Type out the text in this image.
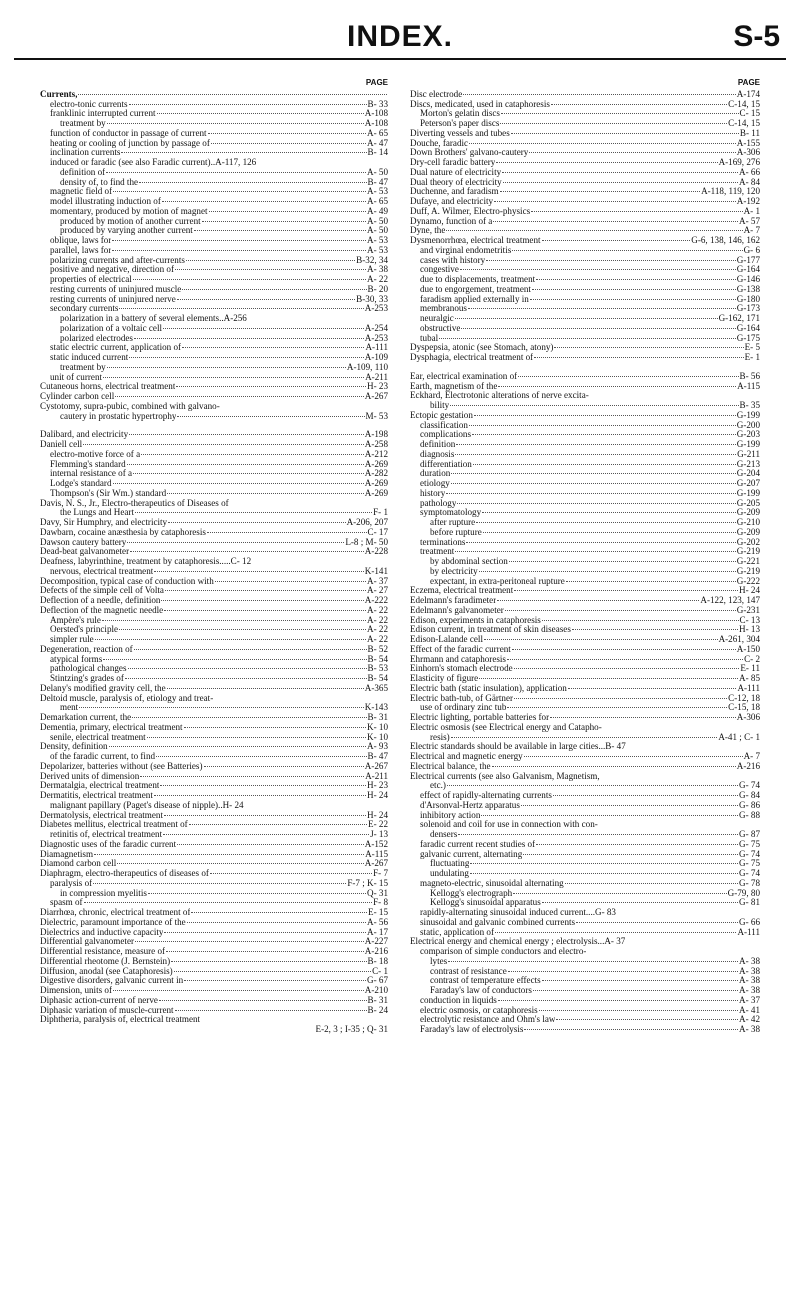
INDEX.	S-5
PAGE
Currents,
electro-tonic currents	B- 33
franklinic interrupted current	A-108
treatment by	A-108
function of conductor in passage of current	A- 65
heating or cooling of junction by passage of	A- 47
inclination currents	B- 14
induced or faradic (see also Faradic current)..A-117, 126
definition of	A- 50
density of, to find the	B- 47
magnetic field of	A- 53
model illustrating induction of	A- 65
momentary, produced by motion of magnet	A- 49
produced by motion of another current	A- 50
produced by varying another current	A- 50
oblique, laws for	A- 53
parallel, laws for	A- 53
polarizing currents and after-currents	B-32, 34
positive and negative, direction of	A- 38
properties of electrical	A- 22
resting currents of uninjured muscle	B- 20
resting currents of uninjured nerve	B-30, 33
secondary currents	A-253
polarization in a battery of several elements..A-256
polarization of a voltaic cell	A-254
polarized electrodes	A-253
static electric current, application of	A-111
static induced current	A-109
treatment by	A-109, 110
unit of current	A-211
Cutaneous horns, electrical treatment	H- 23
Cylinder carbon cell	A-267
Cystotomy, supra-pubic, combined with galvano-
cautery in prostatic hypertrophy	M- 53
Dalibard, and electricity	A-198
Daniell cell	A-258
electro-motive force of a	A-212
Flemming's standard	A-269
internal resistance of a	A-282
Lodge's standard	A-269
Thompson's (Sir Wm.) standard	A-269
Davis, N. S., Jr., Electro-therapeutics of Diseases of
the Lungs and Heart	F- 1
Davy, Sir Humphry, and electricity	A-206, 207
Dawbarn, cocaine anæsthesia by cataphoresis	C- 17
Dawson cautery battery	L-8 ; M- 50
Dead-beat galvanometer	A-228
Deafness, labyrinthine, treatment by cataphoresis.....C- 12
nervous, electrical treatment	K-141
Decomposition, typical case of conduction with	A- 37
Defects of the simple cell of Volta	A- 27
Deflection of a needle, definition	A-222
Deflection of the magnetic needle	A- 22
Ampère's rule	A- 22
Oersted's principle	A- 22
simpler rule	A- 22
Degeneration, reaction of	B- 52
atypical forms	B- 54
pathological changes	B- 53
Stintzing's grades of	B- 54
Delany's modified gravity cell, the	A-365
Deltoid muscle, paralysis of, etiology and treat-
ment	K-143
Demarkation current, the	B- 31
Dementia, primary, electrical treatment	K- 10
senile, electrical treatment	K- 10
Density, definition	A- 93
of the faradic current, to find	B- 47
Depolarizer, batteries without (see Batteries)	A-267
Derived units of dimension	A-211
Dermatalgia, electrical treatment	H- 23
Dermatitis, electrical treatment	H- 24
malignant papillary (Paget's disease of nipple)..H- 24
Dermatolysis, electrical treatment	H- 24
Diabetes mellitus, electrical treatment of	E- 22
retinitis of, electrical treatment	J- 13
Diagnostic uses of the faradic current	A-152
Diamagnetism	A-115
Diamond carbon cell	A-267
Diaphragm, electro-therapeutics of diseases of	F- 7
paralysis of	F-7 ; K- 15
in compression myelitis	Q- 31
spasm of	F- 8
Diarrhœa, chronic, electrical treatment of	E- 15
Dielectric, paramount importance of the	A- 56
Dielectrics and inductive capacity	A- 17
Differential galvanometer	A-227
Differential resistance, measure of	A-216
Differential rheotome (J. Bernstein)	B- 18
Diffusion, anodal (see Cataphoresis)	C- 1
Digestive disorders, galvanic current in	G- 67
Dimension, units of	A-210
Diphasic action-current of nerve	B- 31
Diphasic variation of muscle-current	B- 24
Diphtheria, paralysis of, electrical treatment
E-2, 3 ; I-35 ; Q- 31
PAGE
Disc electrode	A-174
Discs, medicated, used in cataphoresis	C-14, 15
Morton's gelatin discs	C- 15
Peterson's paper discs	C-14, 15
Diverting vessels and tubes	B- 11
Douche, faradic	A-155
Down Brothers' galvano-cautery	A-306
Dry-cell faradic battery	A-169, 276
Dual nature of electricity	A- 66
Dual theory of electricity	A- 84
Duchenne, and faradism	A-118, 119, 120
Dufaye, and electricity	A-192
Duff, A. Wilmer, Electro-physics	A- 1
Dynamo, function of a	A- 57
Dyne, the	A- 7
Dysmenorrhœa, electrical treatment	G-6, 138, 146, 162
and virginal endometritis	G- 6
cases with history	G-177
congestive	G-164
due to displacements, treatment	G-146
due to engorgement, treatment	G-138
faradism applied externally in	G-180
membranous	G-173
neuralgic	G-162, 171
obstructive	G-164
tubal	G-175
Dyspepsia, atonic (see Stomach, atony)	E- 5
Dysphagia, electrical treatment of	E- 1
Ear, electrical examination of	B- 56
Earth, magnetism of the	A-115
Eckhard, Electrotonic alterations of nerve excita-
bility	B- 35
Ectopic gestation	G-199
classification	G-200
complications	G-203
definition	G-199
diagnosis	G-211
differentiation	G-213
duration	G-204
etiology	G-207
history	G-199
pathology	G-205
symptomatology	G-209
after rupture	G-210
before rupture	G-209
terminations	G-202
treatment	G-219
by abdominal section	G-221
by electricity	G-219
expectant, in extra-peritoneal rupture	G-222
Eczema, electrical treatment	H- 24
Edelmann's faradimeter	A-122, 123, 147
Edelmann's galvanometer	G-231
Edison, experiments in cataphoresis	C- 13
Edison current, in treatment of skin diseases	H- 13
Edison-Lalande cell	A-261, 304
Effect of the faradic current	A-150
Ehrmann and cataphoresis	C- 2
Einhorn's stomach electrode	E- 11
Elasticity of figure	A- 85
Electric bath (static insulation), application	A-111
Electric bath-tub, of Gärtner	C-12, 18
use of ordinary zinc tub	C-15, 18
Electric lighting, portable batteries for	A-306
Electric osmosis (see Electrical energy and Catapho-
resis)	A-41 ; C- 1
Electric standards should be available in large cities...B- 47
Electrical and magnetic energy	A- 7
Electrical balance, the	A-216
Electrical currents (see also Galvanism, Magnetism,
etc.)	G- 74
effect of rapidly-alternating currents	G- 84
d'Arsonval-Hertz apparatus	G- 86
inhibitory action	G- 88
solenoid and coil for use in connection with con-
densers	G- 87
faradic current recent studies of	G- 75
galvanic current, alternating	G- 74
fluctuating	G- 75
undulating	G- 74
magneto-electric, sinusoidal alternating	G- 78
Kellogg's electrograph	G-79, 80
Kellogg's sinusoidal apparatus	G- 81
rapidly-alternating sinusoidal induced current....G- 83
sinusoidal and galvanic combined currents	G- 66
static, application of	A-111
Electrical energy and chemical energy ; electrolysis...A- 37
comparison of simple conductors and electro-
lytes	A- 38
contrast of resistance	A- 38
contrast of temperature effects	A- 38
Faraday's law of conductors	A- 38
conduction in liquids	A- 37
electric osmosis, or cataphoresis	A- 41
electrolytic resistance and Ohm's law	A- 42
Faraday's law of electrolysis	A- 38
